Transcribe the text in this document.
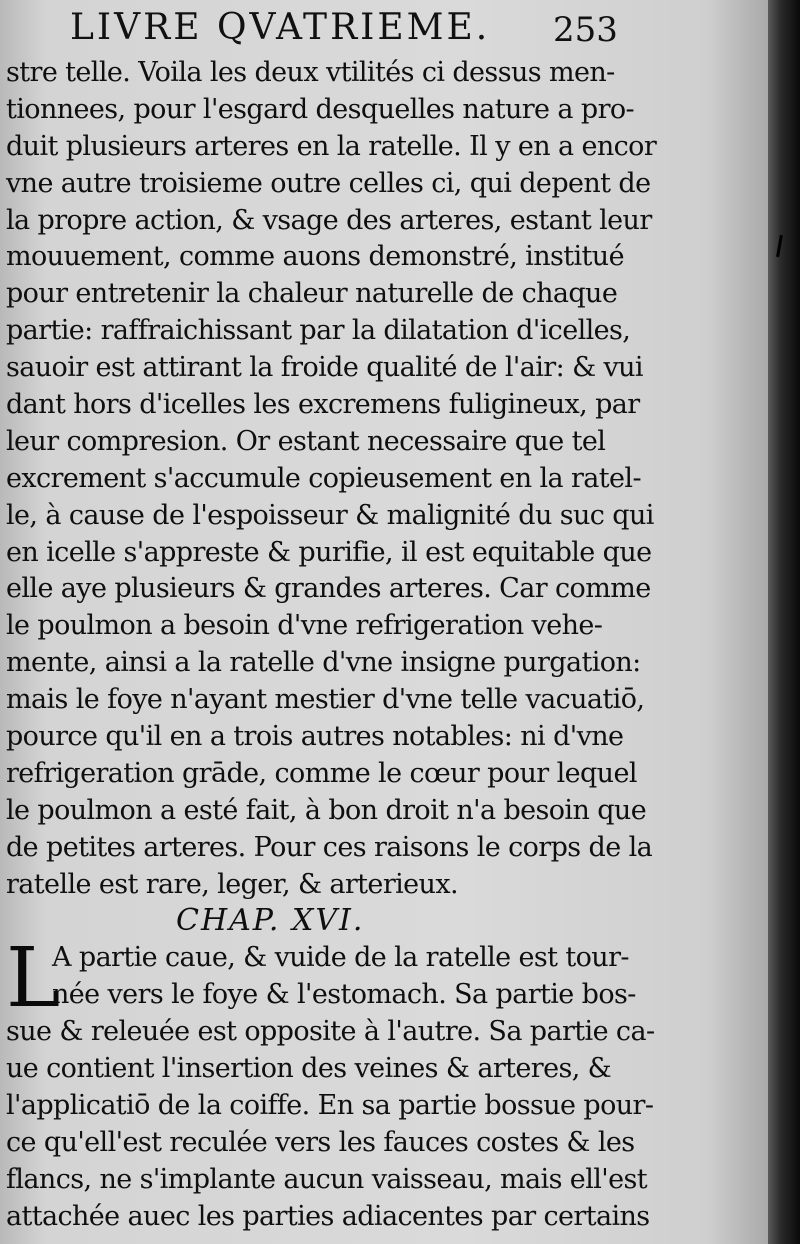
LIVRE QVATRIEME. 253
stre telle. Voila les deux vtilités ci dessus men-
tionnees, pour l'esgard desquelles nature a pro-
duit plusieurs arteres en la ratelle. Il y en a encor
vne autre troisieme outre celles ci, qui depent de
la propre action, & vsage des arteres, estant leur
mouuement, comme auons demonstré, institué
pour entretenir la chaleur naturelle de chaque
partie: raffraichissant par la dilatation d'icelles,
sauoir est attirant la froide qualité de l'air: & vui
dant hors d'icelles les excremens fuligineux, par
leur compresion. Or estant necessaire que tel
excrement s'accumule copieusement en la ratel-
le, à cause de l'espoisseur & malignité du suc qui
en icelle s'appreste & purifie, il est equitable que
elle aye plusieurs & grandes arteres. Car comme
le poulmon a besoin d'vne refrigeration vehe-
mente, ainsi a la ratelle d'vne insigne purgation:
mais le foye n'ayant mestier d'vne telle vacuatiō,
pource qu'il en a trois autres notables: ni d'vne
refrigeration grāde, comme le cœur pour lequel
le poulmon a esté fait, à bon droit n'a besoin que
de petites arteres. Pour ces raisons le corps de la
ratelle est rare, leger, & arterieux.
CHAP. XVI.
L
A partie caue, & vuide de la ratelle est tour-
née vers le foye & l'estomach. Sa partie bos-
sue & releuée est opposite à l'autre. Sa partie ca-
ue contient l'insertion des veines & arteres, &
l'applicatiō de la coiffe. En sa partie bossue pour-
ce qu'ell'est reculée vers les fauces costes & les
flancs, ne s'implante aucun vaisseau, mais ell'est
attachée auec les parties adiacentes par certains
